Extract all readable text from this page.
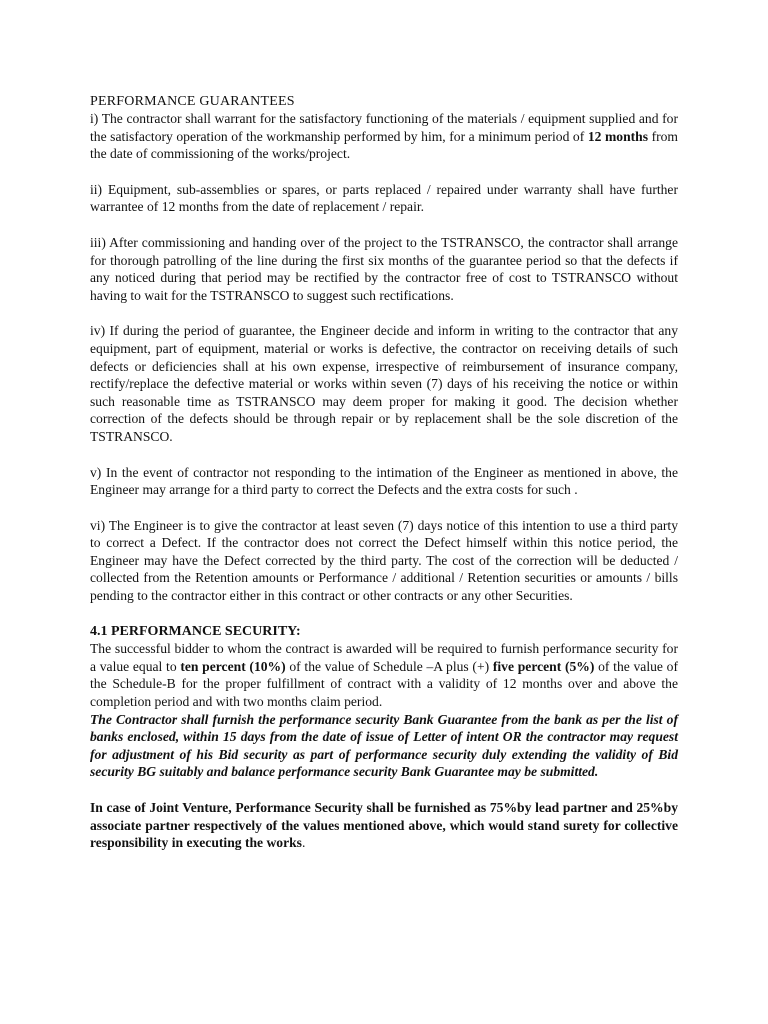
PERFORMANCE GUARANTEES

i) The contractor shall warrant for the satisfactory functioning of the materials / equipment supplied and for the satisfactory operation of the workmanship performed by him, for a minimum period of 12 months from the date of commissioning of the works/project.

ii) Equipment, sub-assemblies or spares, or parts replaced / repaired under warranty shall have further warrantee of 12 months from the date of replacement / repair.

iii) After commissioning and handing over of the project to the TSTRANSCO, the contractor shall arrange for thorough patrolling of the line during the first six months of the guarantee period so that the defects if any noticed during that period may be rectified by the contractor free of cost to TSTRANSCO without having to wait for the TSTRANSCO to suggest such rectifications.

iv) If during the period of guarantee, the Engineer decide and inform in writing to the contractor that any equipment, part of equipment, material or works is defective, the contractor on receiving details of such defects or deficiencies shall at his own expense, irrespective of reimbursement of insurance company, rectify/replace the defective material or works within seven (7) days of his receiving the notice or within such reasonable time as TSTRANSCO may deem proper for making it good. The decision whether correction of the defects should be through repair or by replacement shall be the sole discretion of the TSTRANSCO.

v) In the event of contractor not responding to the intimation of the Engineer as mentioned in above, the Engineer may arrange for a third party to correct the Defects and the extra costs for such .

vi) The Engineer is to give the contractor at least seven (7) days notice of this intention to use a third party to correct a Defect. If the contractor does not correct the Defect himself within this notice period, the Engineer may have the Defect corrected by the third party. The cost of the correction will be deducted / collected from the Retention amounts or Performance / additional / Retention securities or amounts / bills pending to the contractor either in this contract or other contracts or any other Securities.

4.1 PERFORMANCE SECURITY:

The successful bidder to whom the contract is awarded will be required to furnish performance security for a value equal to ten percent (10%) of the value of Schedule –A plus (+) five percent (5%) of the value of the Schedule-B for the proper fulfillment of contract with a validity of 12 months over and above the completion period and with two months claim period.

The Contractor shall furnish the performance security Bank Guarantee from the bank as per the list of banks enclosed, within 15 days from the date of issue of Letter of intent OR the contractor may request for adjustment of his Bid security as part of performance security duly extending the validity of Bid security BG suitably and balance performance security Bank Guarantee may be submitted.

In case of Joint Venture, Performance Security shall be furnished as 75%by lead partner and 25%by associate partner respectively of the values mentioned above, which would stand surety for collective responsibility in executing the works.
